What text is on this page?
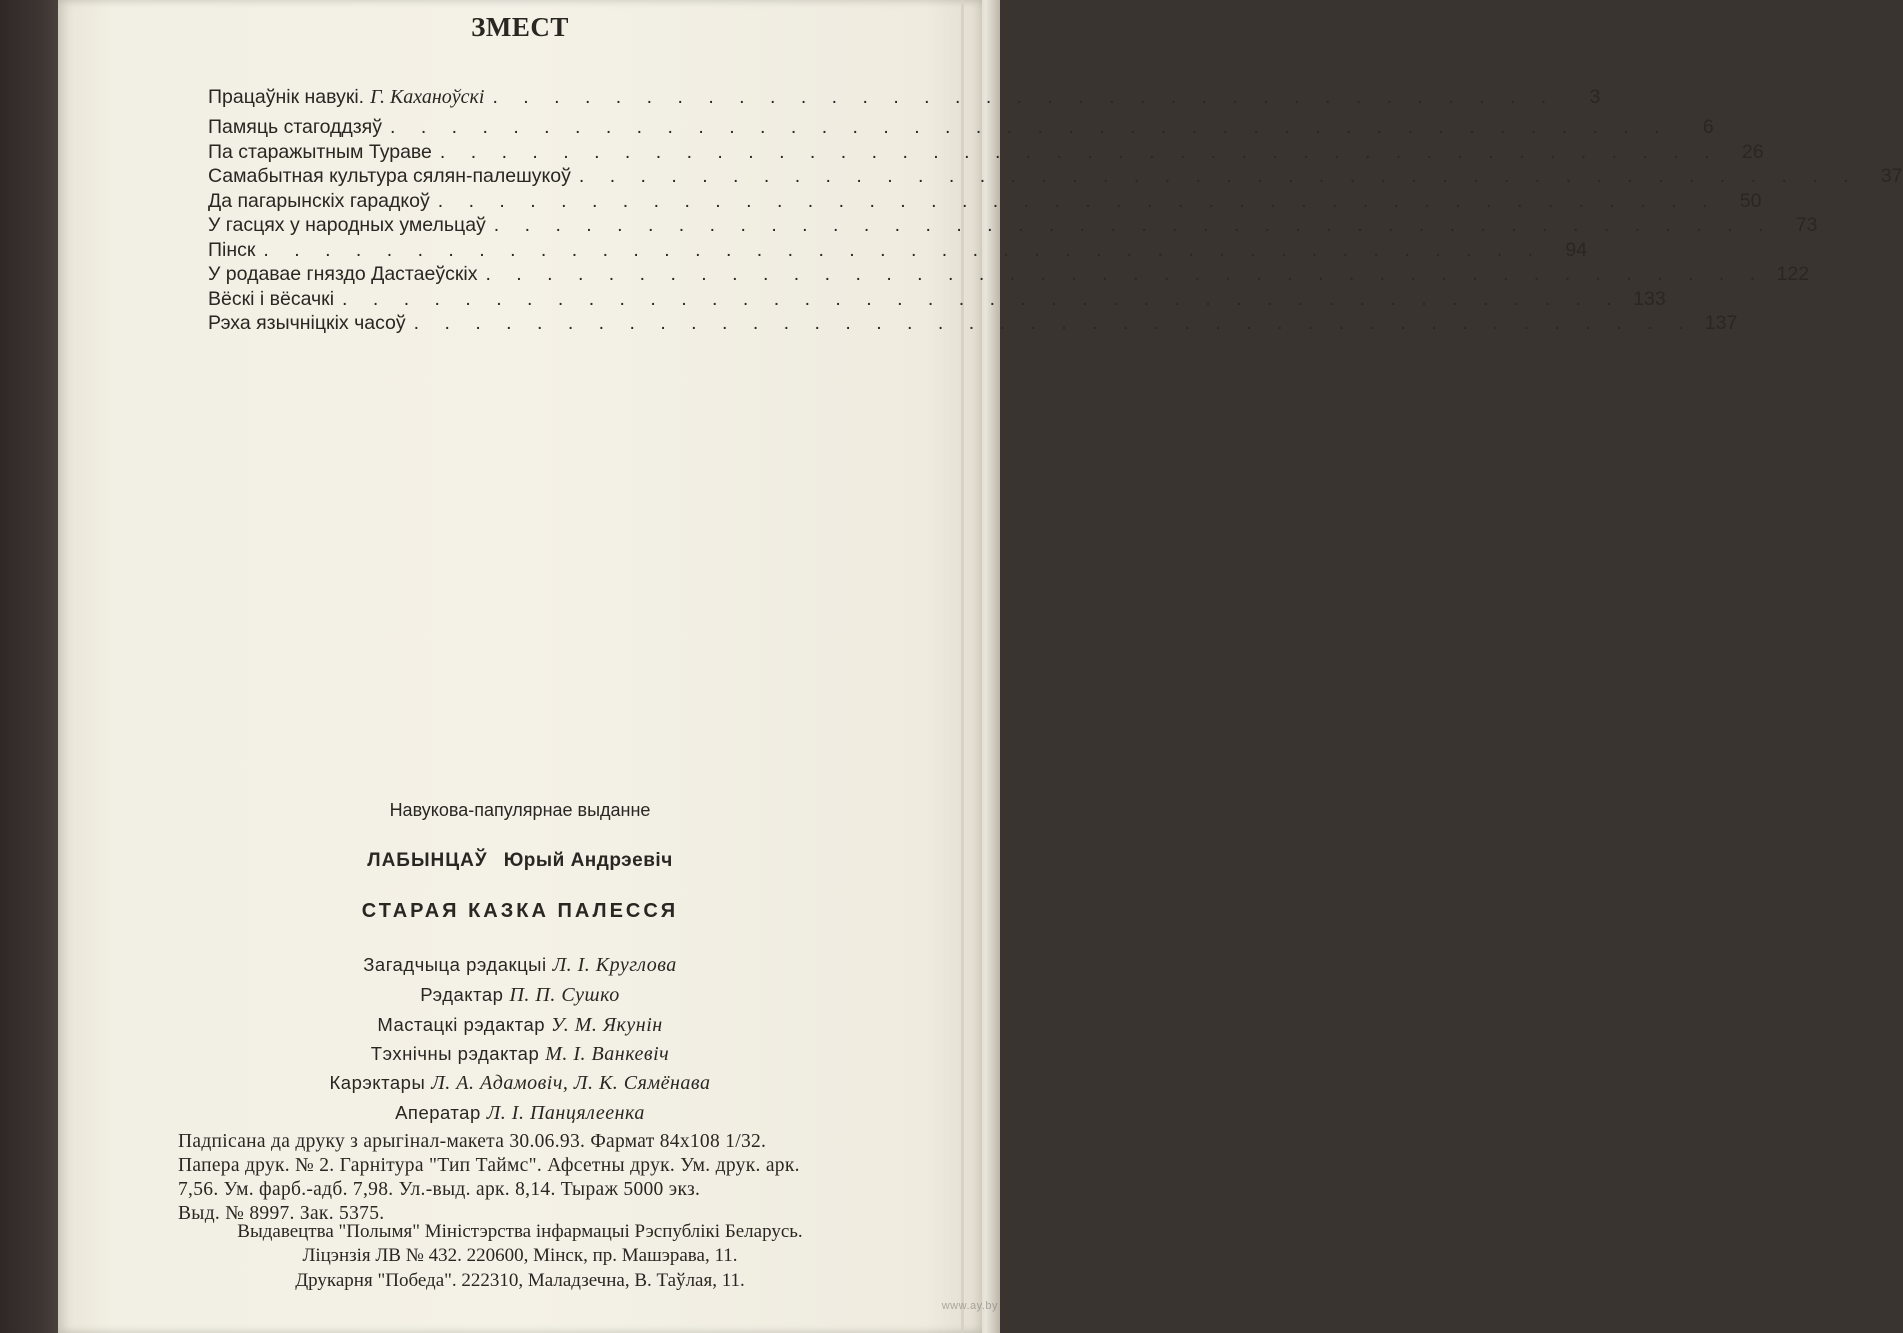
ЗМЕСТ
Працаўнік навукі. Г. Каханоўскі . . . . . . . . . . . . . . . . . . . . . . . . . . . . . . . . . . .	3
Памяць стагоддзяў . . . . . . . . . . . . . . . . . . . . . . . . . . . . . . . . . . . . . . . . . .	6
Па старажытным Тураве . . . . . . . . . . . . . . . . . . . . . . . . . . . . . . . . . . . . . . . . . .	26
Самабытная культура сялян-палешукоў . . . . . . . . . . . . . . . . . . . . . . . . . . . . . . . . . . . . . . . . . .	37
Да пагарынскіх гарадкоў . . . . . . . . . . . . . . . . . . . . . . . . . . . . . . . . . . . . . . . . . .	50
У гасцях у народных умельцаў . . . . . . . . . . . . . . . . . . . . . . . . . . . . . . . . . . . . . . . . . .	73
Пінск . . . . . . . . . . . . . . . . . . . . . . . . . . . . . . . . . . . . . . . . . .	94
У родавае гняздо Дастаеўскіх . . . . . . . . . . . . . . . . . . . . . . . . . . . . . . . . . . . . . . . . . . 122
Вёскі і вёсачкі . . . . . . . . . . . . . . . . . . . . . . . . . . . . . . . . . . . . . . . . . . 133
Рэха язычніцкіх часоў . . . . . . . . . . . . . . . . . . . . . . . . . . . . . . . . . . . . . . . . . . 137
Навукова-папулярнае выданне
ЛАБЫНЦАЎ Юрый Андрэевіч
СТАРАЯ КАЗКА ПАЛЕССЯ
Загадчыца рэдакцыі Л. І. Круглова
Рэдактар П. П. Сушко
Мастацкі рэдактар У. М. Якунін
Тэхнічны рэдактар М. І. Ванкевіч
Карэктары Л. А. Адамовіч, Л. К. Сямёнава
Аператар Л. І. Панцялеенка
Падпісана да друку з арыгінал-макета 30.06.93. Фармат 84х108 1/32.
Папера друк. № 2. Гарнітура "Тип Таймс". Афсетны друк. Ум. друк. арк.
7,56. Ум. фарб.-адб. 7,98. Ул.-выд. арк. 8,14. Тыраж 5000 экз.
Выд. № 8997. Зак. 5375.
Выдавецтва "Полымя" Міністэрства інфармацыі Рэспублікі Беларусь.
Ліцэнзія ЛВ № 432. 220600, Мінск, пр. Машэрава, 11.
Друкарня "Победа". 222310, Маладзечна, В. Таўлая, 11.
www.ay.by
